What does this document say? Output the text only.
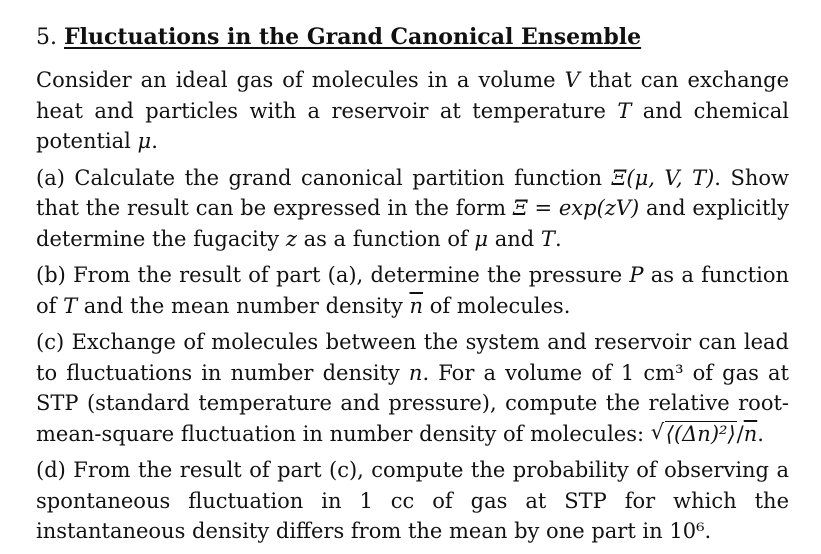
5. Fluctuations in the Grand Canonical Ensemble

Consider an ideal gas of molecules in a volume V that can exchange heat and particles with a reservoir at temperature T and chemical potential μ.

(a) Calculate the grand canonical partition function Ξ(μ, V, T). Show that the result can be expressed in the form Ξ = exp(zV) and explicitly determine the fugacity z as a function of μ and T.

(b) From the result of part (a), determine the pressure P as a function of T and the mean number density $\overline{n}$ of molecules.

(c) Exchange of molecules between the system and reservoir can lead to fluctuations in number density n. For a volume of 1 cm³ of gas at STP (standard temperature and pressure), compute the relative root-mean-square fluctuation in number density of molecules: √ $⟨(\Delta n)^2⟩/\overline{n}$.

(d) From the result of part (c), compute the probability of observing a spontaneous fluctuation in 1 cc of gas at STP for which the instantaneous density differs from the mean by one part in 10⁶.
